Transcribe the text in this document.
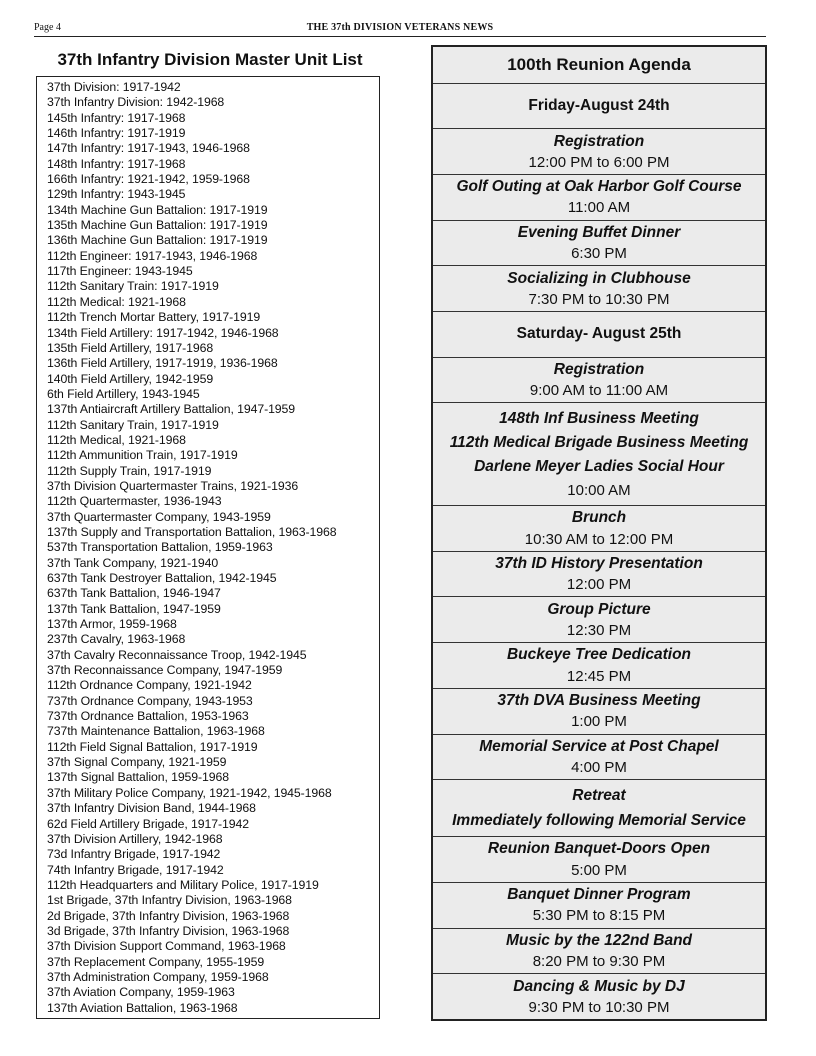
Page 4	THE 37th DIVISION VETERANS NEWS
37th Infantry Division Master Unit List
37th Division: 1917-1942
37th Infantry Division: 1942-1968
145th Infantry: 1917-1968
146th Infantry: 1917-1919
147th Infantry: 1917-1943, 1946-1968
148th Infantry: 1917-1968
166th Infantry: 1921-1942, 1959-1968
129th Infantry: 1943-1945
134th Machine Gun Battalion: 1917-1919
135th Machine Gun Battalion: 1917-1919
136th Machine Gun Battalion: 1917-1919
112th Engineer: 1917-1943, 1946-1968
117th Engineer: 1943-1945
112th Sanitary Train: 1917-1919
112th Medical: 1921-1968
112th Trench Mortar Battery, 1917-1919
134th Field Artillery: 1917-1942, 1946-1968
135th Field Artillery, 1917-1968
136th Field Artillery, 1917-1919, 1936-1968
140th Field Artillery, 1942-1959
6th Field Artillery, 1943-1945
137th Antiaircraft Artillery Battalion, 1947-1959
112th Sanitary Train, 1917-1919
112th Medical, 1921-1968
112th Ammunition Train, 1917-1919
112th Supply Train, 1917-1919
37th Division Quartermaster Trains, 1921-1936
112th Quartermaster, 1936-1943
37th Quartermaster Company, 1943-1959
137th Supply and Transportation Battalion, 1963-1968
537th Transportation Battalion, 1959-1963
37th Tank Company, 1921-1940
637th Tank Destroyer Battalion, 1942-1945
637th Tank Battalion, 1946-1947
137th Tank Battalion, 1947-1959
137th Armor, 1959-1968
237th Cavalry, 1963-1968
37th Cavalry Reconnaissance Troop, 1942-1945
37th Reconnaissance Company, 1947-1959
112th Ordnance Company, 1921-1942
737th Ordnance Company, 1943-1953
737th Ordnance Battalion, 1953-1963
737th Maintenance Battalion, 1963-1968
112th Field Signal Battalion, 1917-1919
37th Signal Company, 1921-1959
137th Signal Battalion, 1959-1968
37th Military Police Company, 1921-1942, 1945-1968
37th Infantry Division Band, 1944-1968
62d Field Artillery Brigade, 1917-1942
37th Division Artillery, 1942-1968
73d Infantry Brigade, 1917-1942
74th Infantry Brigade, 1917-1942
112th Headquarters and Military Police, 1917-1919
1st Brigade, 37th Infantry Division, 1963-1968
2d Brigade, 37th Infantry Division, 1963-1968
3d Brigade, 37th Infantry Division, 1963-1968
37th Division Support Command, 1963-1968
37th Replacement Company, 1955-1959
37th Administration Company, 1959-1968
37th Aviation Company, 1959-1963
137th Aviation Battalion, 1963-1968
100th Reunion Agenda
Friday-August 24th
Registration
12:00 PM to 6:00 PM
Golf Outing at Oak Harbor Golf Course
11:00 AM
Evening Buffet Dinner
6:30 PM
Socializing in Clubhouse
7:30 PM to 10:30 PM
Saturday- August 25th
Registration
9:00 AM to 11:00 AM
148th Inf Business Meeting
112th Medical Brigade Business Meeting
Darlene Meyer Ladies Social Hour
10:00 AM
Brunch
10:30 AM to 12:00 PM
37th ID History Presentation
12:00 PM
Group Picture
12:30 PM
Buckeye Tree Dedication
12:45 PM
37th DVA Business Meeting
1:00 PM
Memorial Service at Post Chapel
4:00 PM
Retreat
Immediately following Memorial Service
Reunion Banquet-Doors Open
5:00 PM
Banquet Dinner Program
5:30 PM to 8:15 PM
Music by the 122nd Band
8:20 PM to 9:30 PM
Dancing & Music by DJ
9:30 PM to 10:30 PM
